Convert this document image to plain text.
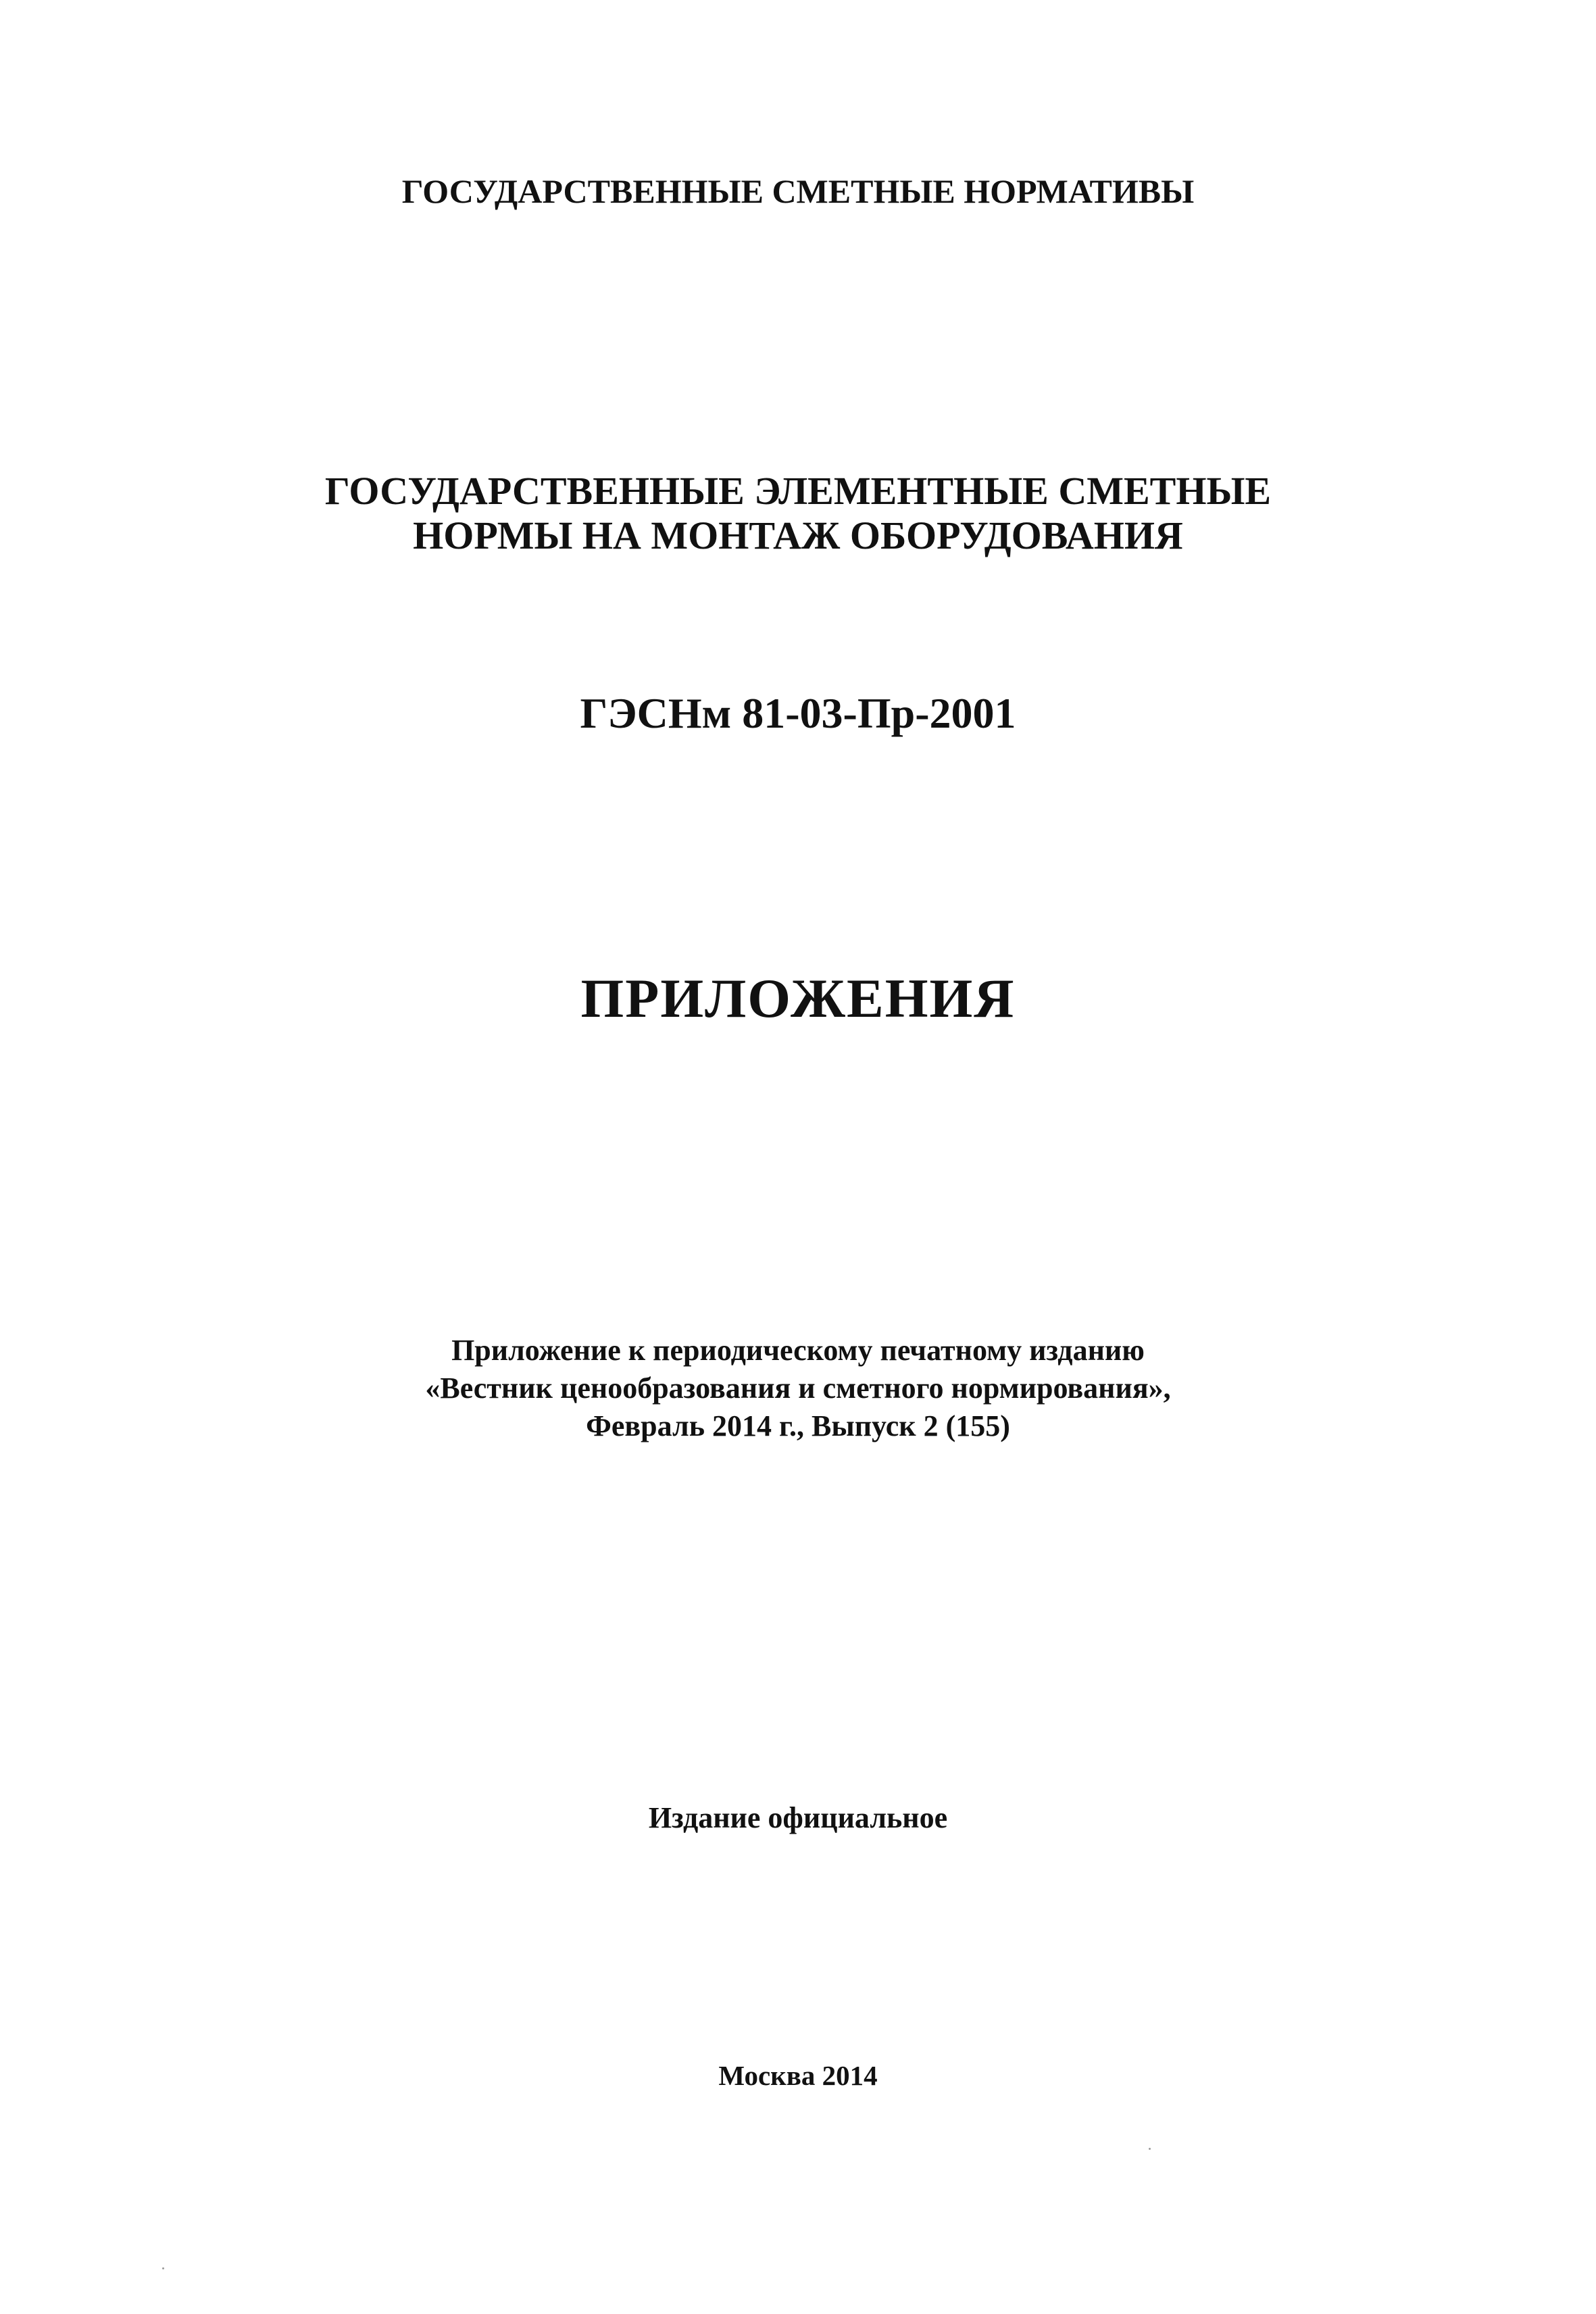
ГОСУДАРСТВЕННЫЕ СМЕТНЫЕ НОРМАТИВЫ
ГОСУДАРСТВЕННЫЕ ЭЛЕМЕНТНЫЕ СМЕТНЫЕ
НОРМЫ НА МОНТАЖ ОБОРУДОВАНИЯ
ГЭСНм 81-03-Пр-2001
ПРИЛОЖЕНИЯ
Приложение к периодическому печатному изданию
«Вестник ценообразования и сметного нормирования»,
Февраль 2014 г., Выпуск 2 (155)
Издание официальное
Москва 2014
